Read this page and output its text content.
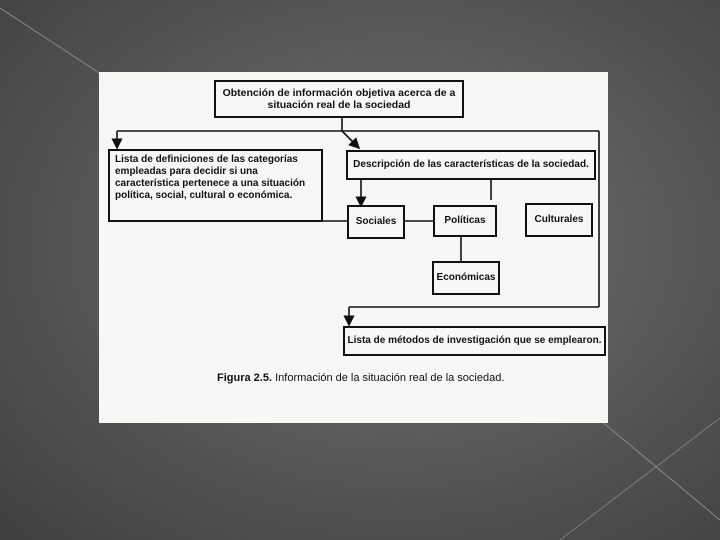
Obtención de información objetiva acerca de a situación real de la sociedad
Lista de definiciones de las categorías empleadas para decidir si una característica pertenece a una situación política, social, cultural o económica.
Descripción de las características de la sociedad.
Sociales	Políticas	Culturales
Económicas
Lista de métodos de investigación que se emplearon.
Figura 2.5. Información de la situación real de la sociedad.
